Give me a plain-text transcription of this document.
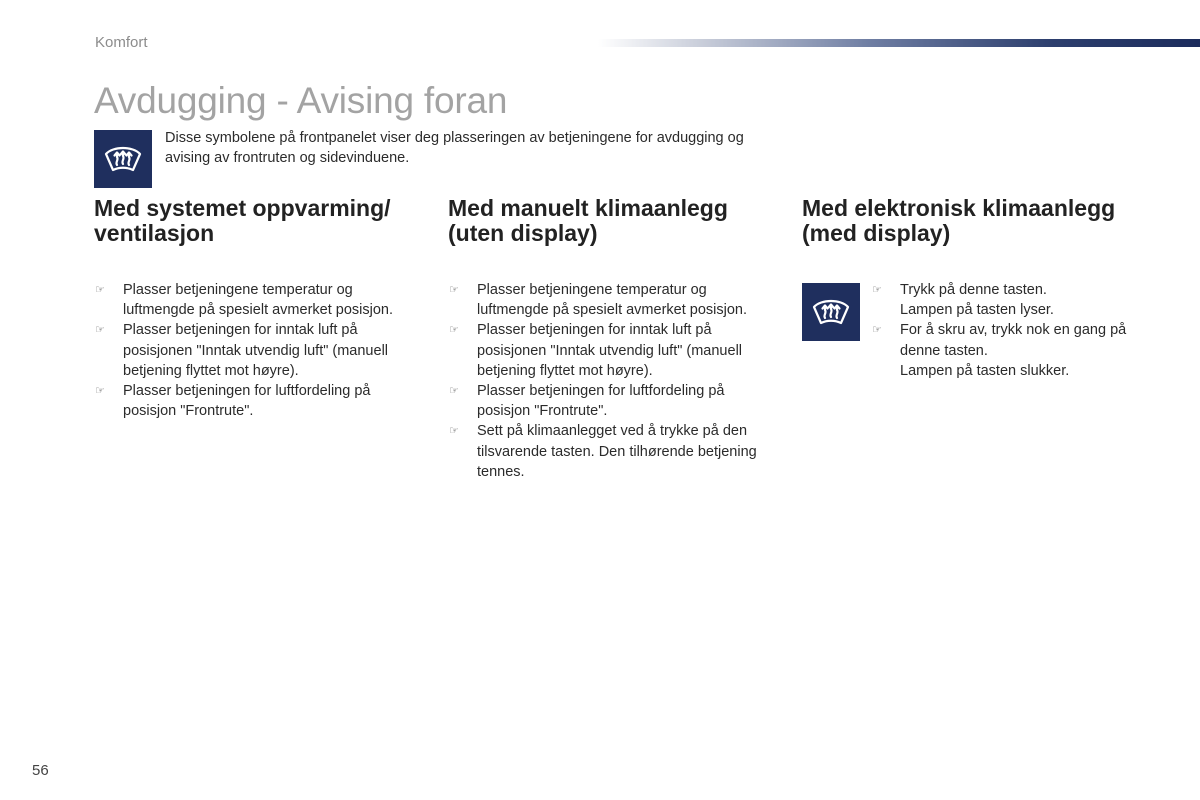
Komfort
Avdugging - Avising foran

Disse symbolene på frontpanelet viser deg plasseringen av betjeningene for avdugging og avising av frontruten og sidevinduene.

Med systemet oppvarming/ ventilasjon
☞ Plasser betjeningene temperatur og luftmengde på spesielt avmerket posisjon.
☞ Plasser betjeningen for inntak luft på posisjonen "Inntak utvendig luft" (manuell betjening flyttet mot høyre).
☞ Plasser betjeningen for luftfordeling på posisjon "Frontrute".
Med manuelt klimaanlegg (uten display)
☞ Plasser betjeningene temperatur og luftmengde på spesielt avmerket posisjon.
☞ Plasser betjeningen for inntak luft på posisjonen "Inntak utvendig luft" (manuell betjening flyttet mot høyre).
☞ Plasser betjeningen for luftfordeling på posisjon "Frontrute".
☞ Sett på klimaanlegget ved å trykke på den tilsvarende tasten. Den tilhørende betjening tennes.
Med elektronisk klimaanlegg (med display)
☞ Trykk på denne tasten.
Lampen på tasten lyser.
☞ For å skru av, trykk nok en gang på denne tasten.
Lampen på tasten slukker.
56
